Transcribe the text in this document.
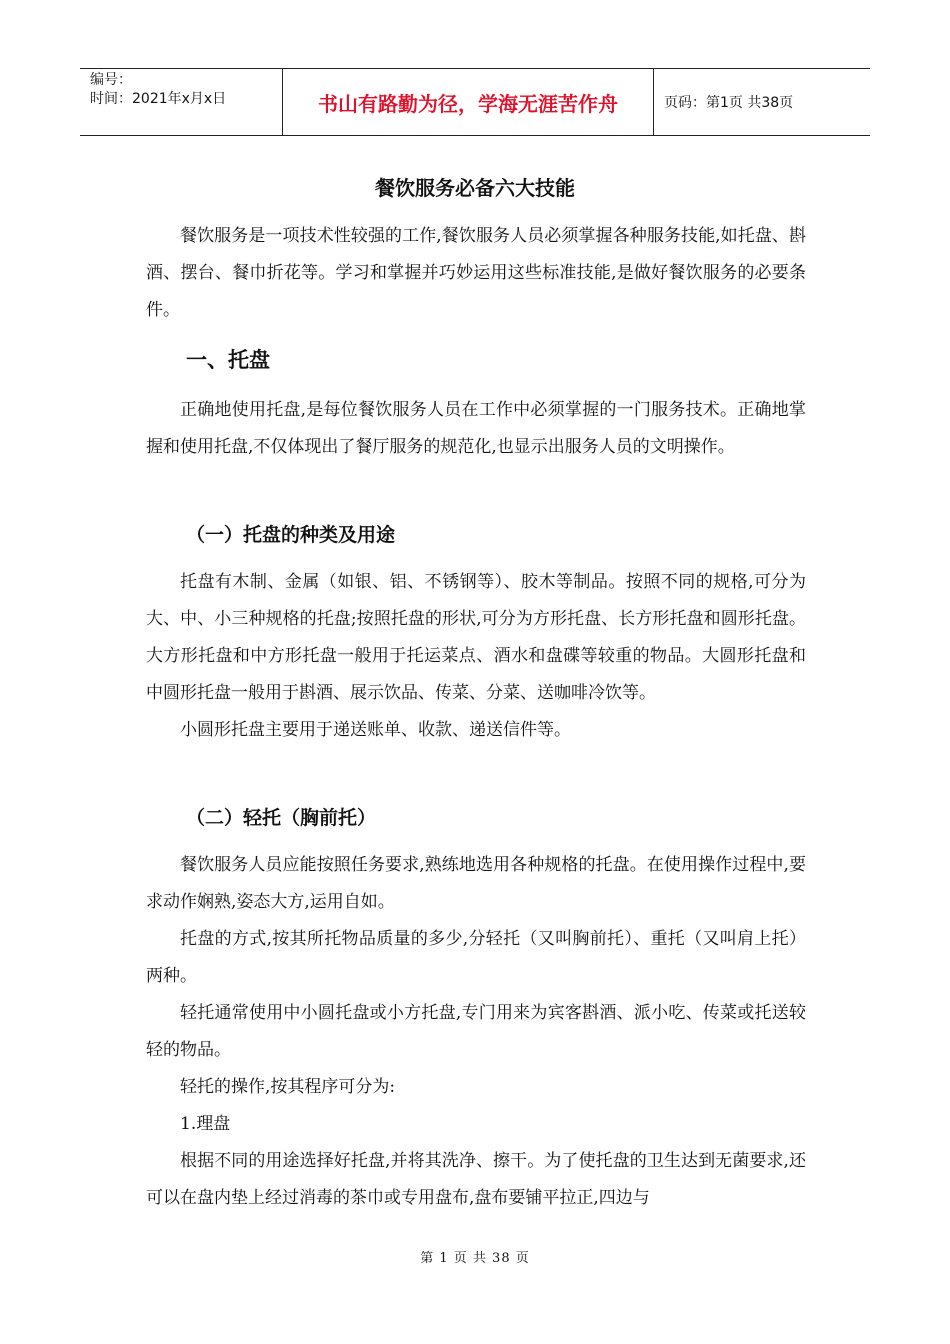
编号：
时间：2021年x月x日	书山有路勤为径，学海无涯苦作舟	页码：第1页 共38页
餐饮服务必备六大技能

餐饮服务是一项技术性较强的工作,餐饮服务人员必须掌握各种服务技能,如托盘、斟酒、摆台、餐巾折花等。学习和掌握并巧妙运用这些标准技能,是做好餐饮服务的必要条件。

一、托盘

正确地使用托盘,是每位餐饮服务人员在工作中必须掌握的一门服务技术。正确地掌握和使用托盘,不仅体现出了餐厅服务的规范化,也显示出服务人员的文明操作。

（一）托盘的种类及用途

托盘有木制、金属（如银、铝、不锈钢等）、胶木等制品。按照不同的规格,可分为大、中、小三种规格的托盘;按照托盘的形状,可分为方形托盘、长方形托盘和圆形托盘。大方形托盘和中方形托盘一般用于托运菜点、酒水和盘碟等较重的物品。大圆形托盘和中圆形托盘一般用于斟酒、展示饮品、传菜、分菜、送咖啡冷饮等。

小圆形托盘主要用于递送账单、收款、递送信件等。

（二）轻托（胸前托）

餐饮服务人员应能按照任务要求,熟练地选用各种规格的托盘。在使用操作过程中,要求动作娴熟,姿态大方,运用自如。

托盘的方式,按其所托物品质量的多少,分轻托（又叫胸前托）、重托（又叫肩上托）两种。

轻托通常使用中小圆托盘或小方托盘,专门用来为宾客斟酒、派小吃、传菜或托送较轻的物品。

轻托的操作,按其程序可分为:

1.理盘

根据不同的用途选择好托盘,并将其洗净、擦干。为了使托盘的卫生达到无菌要求,还可以在盘内垫上经过消毒的茶巾或专用盘布,盘布要铺平拉正,四边与

第 1 页 共 38 页
